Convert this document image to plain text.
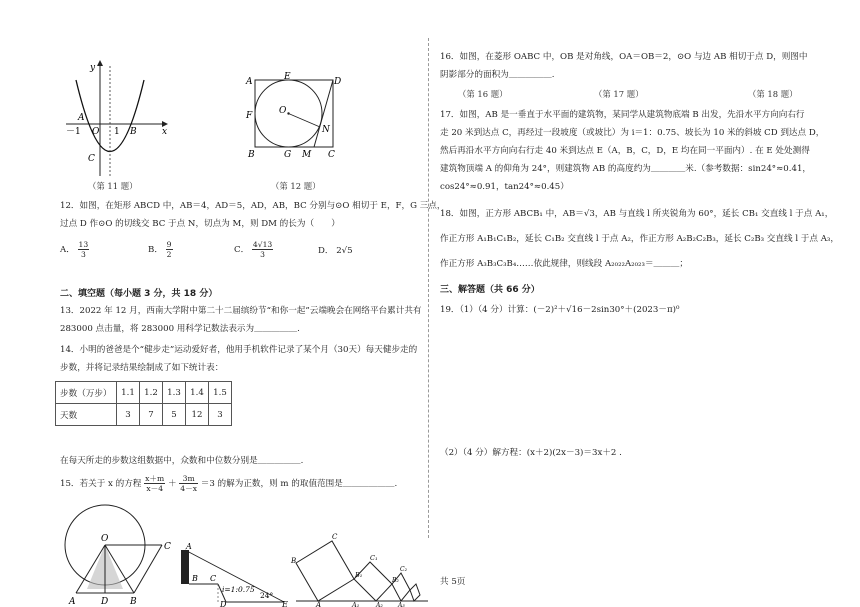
y
x
O 1
－1
A
B
C
（第 11 题）
A	E	D
F	O
N
B	G M C
（第 12 题）
12．如图，在矩形 ABCD 中，AB＝4，AD＝5，AD，AB，BC 分别与⊙O 相切于 E，F，G 三点，
过点 D 作⊙O 的切线交 BC 于点 N，切点为 M，则 DM 的长为（　　）
A． $\frac{13}{3}$	B． $\frac{9}{2}$	C． $\frac{4√13}{3}$	D． 2√5
二、填空题（每小题 3 分，共 18 分）
13．2022 年 12 月，西南大学附中第二十二届缤纷节“和你一起”云端晚会在网络平台累计共有
283000 点击量，将 283000 用科学记数法表示为＿＿＿＿＿.
14．小明的爸爸是个“健步走”运动爱好者，他用手机软件记录了某个月（30天）每天健步走的
步数，并将记录结果绘制成了如下统计表：
步数（万步）	1.1	1.2	1.3	1.4	1.5
天数	3	7	5	12	3
在每天所走的步数这组数据中，众数和中位数分别是＿＿＿＿＿.
15．若关于 x 的方程 $\frac{x+m}{x-4} + \frac{3m}{4-x} =3$ 的解为正数，则 m 的取值范围是＿＿＿＿＿＿.
O
C
A	D B
A
B C
i=1:0.75
24°
D	E
B
C
A
B₁
C₁
A₁
B₂
C₂
A₂	A₃
16．如图，在菱形 OABC 中，OB 是对角线，OA＝OB＝2，⊙O 与边 AB 相切于点 D，则图中
阴影部分的面积为＿＿＿＿＿.
（第 16 题）	（第 17 题）	（第 18 题）
17．如图，AB 是一垂直于水平面的建筑物，某同学从建筑物底端 B 出发，先沿水平方向向右行
走 20 米到达点 C，再经过一段坡度（或坡比）为 i＝1：0.75、坡长为 10 米的斜坡 CD 到达点 D，
然后再沿水平方向向右行走 40 米到达点 E（A，B，C，D，E 均在同一平面内）. 在 E 处处测得
建筑物顶端 A 的仰角为 24°，则建筑物 AB 的高度约为＿＿＿＿米.（参考数据：sin24°≈0.41，
cos24°≈0.91，tan24°≈0.45）
18．如图，正方形 ABCB₁ 中，AB＝√3，AB 与直线 l 所夹锐角为 60°，延长 CB₁ 交直线 l 于点 A₁，
作正方形 A₁B₁C₁B₂，延长 C₁B₂ 交直线 l 于点 A₂，作正方形 A₂B₂C₂B₃，延长 C₂B₃ 交直线 l 于点 A₃，
作正方形 A₃B₃C₃B₄……依此规律，则线段 A₂₀₂₂A₂₀₂₃＝＿＿＿；
三、解答题（共 66 分）
19．（1）（4 分）计算：(－2)²＋√16－2sin30°＋(2023－π)⁰
（2）（4 分）解方程：(x＋2)(2x－3)＝3x＋2 .
共 5页
